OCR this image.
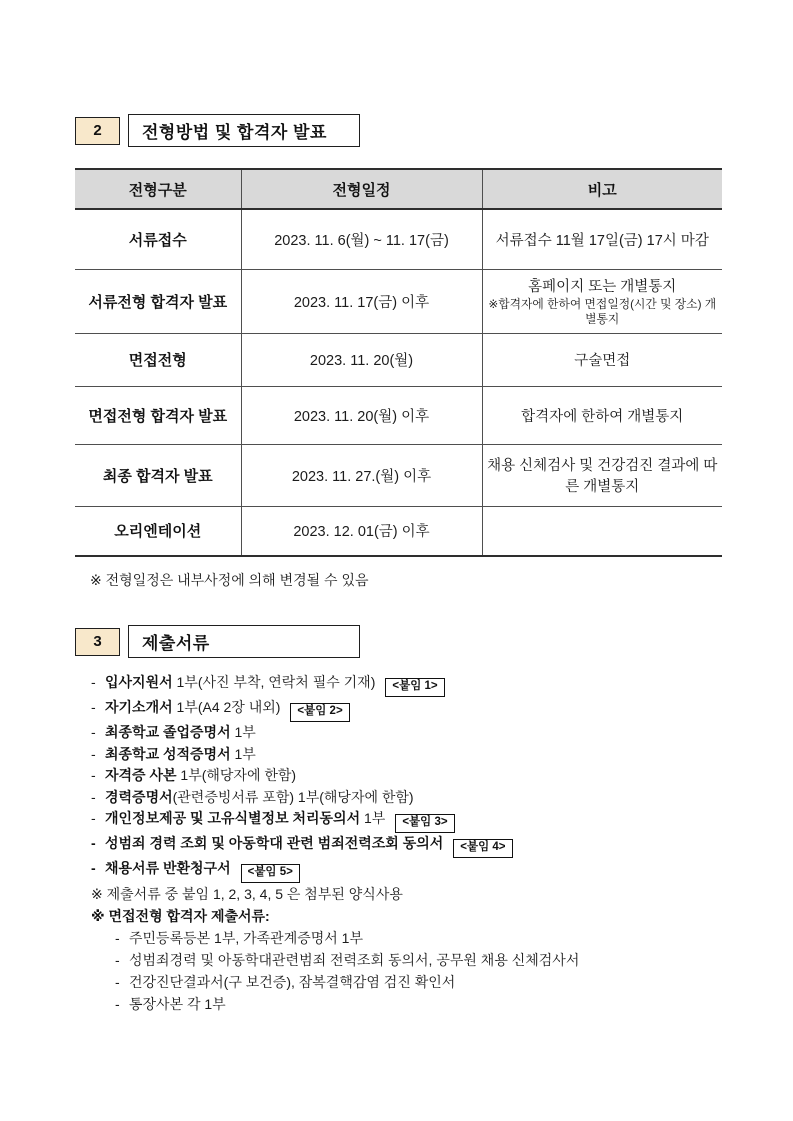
2	전형방법 및 합격자 발표
전형구분	전형일정	비고
서류접수	2023. 11. 6(월) ~ 11. 17(금)	서류접수 11월 17일(금) 17시 마감
서류전형 합격자 발표	2023. 11. 17(금) 이후	홈페이지 또는 개별통지
※합격자에 한하여 면접일정(시간 및 장소) 개별통지

면접전형	2023. 11. 20(월)	구술면접
면접전형 합격자 발표	2023. 11. 20(월) 이후	합격자에 한하여 개별통지
최종 합격자 발표	2023. 11. 27.(월) 이후	채용 신체검사 및 건강검진 결과에 따른 개별통지
오리엔테이션	2023. 12. 01(금) 이후	
※ 전형일정은 내부사정에 의해 변경될 수 있음
3	제출서류
- 입사지원서 1부(사진 부착, 연락처 필수 기재) <붙임 1>
- 자기소개서 1부(A4 2장 내외) <붙임 2>
- 최종학교 졸업증명서 1부
- 최종학교 성적증명서 1부
- 자격증 사본 1부(해당자에 한함)
- 경력증명서(관련증빙서류 포함) 1부(해당자에 한함)
- 개인정보제공 및 고유식별정보 처리동의서 1부 <붙임 3>
- 성범죄 경력 조회 및 아동학대 관련 범죄전력조회 동의서 <붙임 4>
- 채용서류 반환청구서 <붙임 5>
※ 제출서류 중 붙임 1, 2, 3, 4, 5 은 첨부된 양식사용
※ 면접전형 합격자 제출서류:
- 주민등록등본 1부, 가족관계증명서 1부
- 성범죄경력 및 아동학대관련범죄 전력조회 동의서, 공무원 채용 신체검사서
- 건강진단결과서(구 보건증), 잠복결핵감염 검진 확인서
- 통장사본 각 1부
